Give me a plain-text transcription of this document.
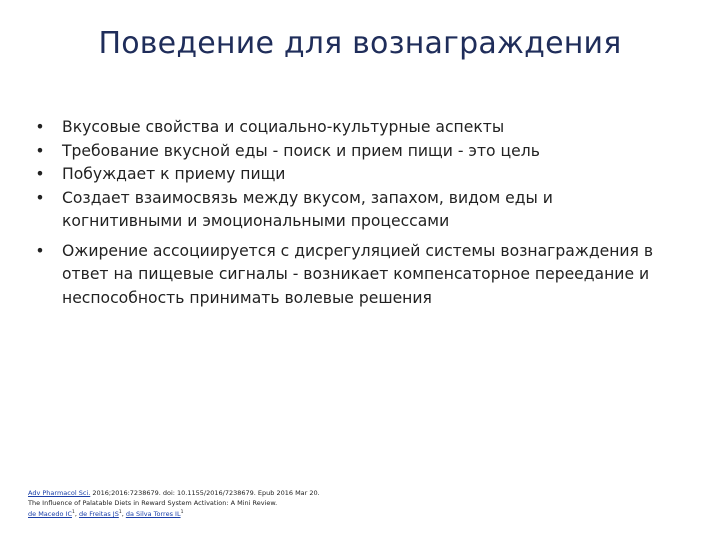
Поведение для вознаграждения
• Вкусовые свойства и социально-культурные аспекты
• Требование вкусной еды - поиск и прием пищи - это цель
• Побуждает к приему пищи
• Создает взаимосвязь между вкусом, запахом, видом еды и когнитивными и эмоциональными процессами
• Ожирение ассоциируется с дисрегуляцией системы вознаграждения в ответ на пищевые сигналы - возникает компенсаторное переедание и неспособность принимать волевые решения
Adv Pharmacol Sci. 2016;2016:7238679. doi: 10.1155/2016/7238679. Epub 2016 Mar 20.
The Influence of Palatable Diets in Reward System Activation: A Mini Review.
de Macedo $IC^1$, de Freitas $JS^1$, da Silva Torres $IL^1$
